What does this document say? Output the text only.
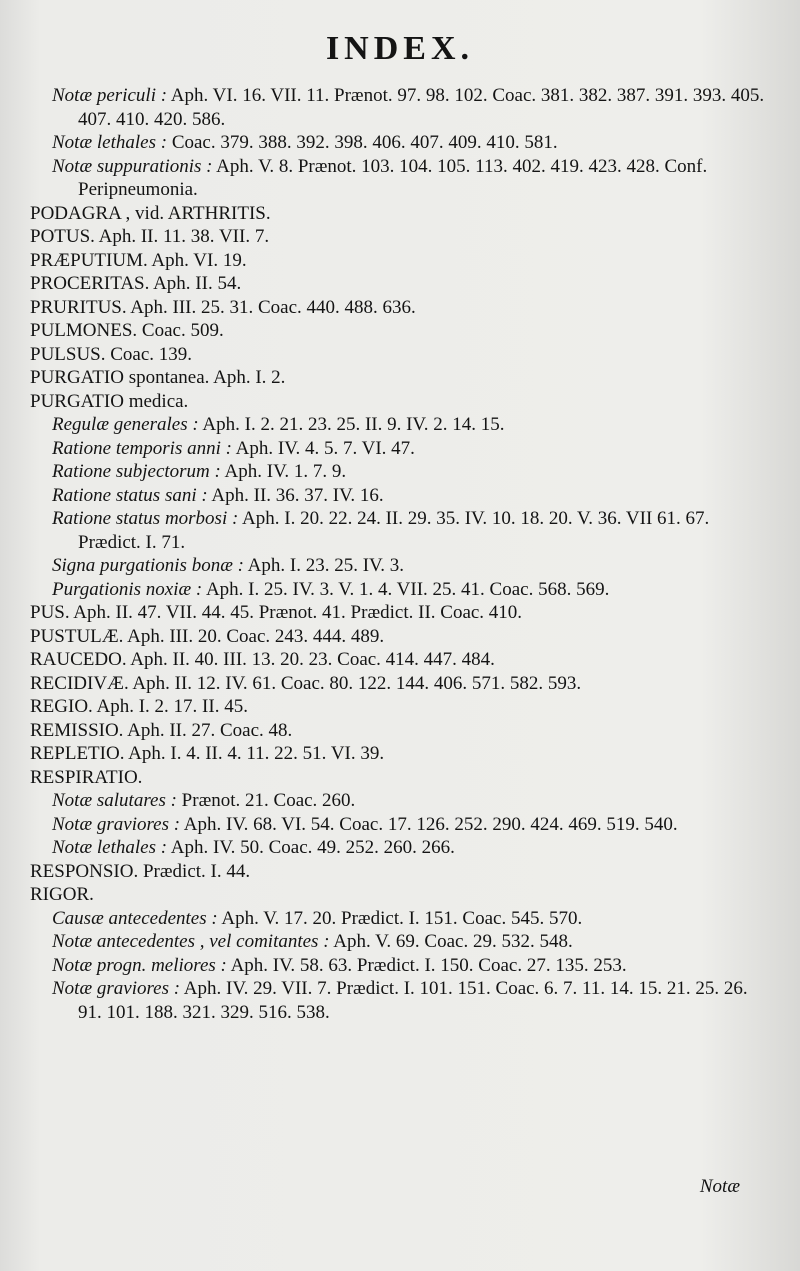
INDEX.

Notæ periculi : Aph. VI. 16. VII. 11. Prænot. 97. 98. 102. Coac. 381. 382. 387. 391. 393. 405. 407. 410. 420. 586.

Notæ lethales : Coac. 379. 388. 392. 398. 406. 407. 409. 410. 581.

Notæ suppurationis : Aph. V. 8. Prænot. 103. 104. 105. 113. 402. 419. 423. 428. Conf. Peripneumonia.

PODAGRA , vid. ARTHRITIS.

POTUS. Aph. II. 11. 38. VII. 7.

PRÆPUTIUM. Aph. VI. 19.

PROCERITAS. Aph. II. 54.

PRURITUS. Aph. III. 25. 31. Coac. 440. 488. 636.

PULMONES. Coac. 509.

PULSUS. Coac. 139.

PURGATIO spontanea. Aph. I. 2.

PURGATIO medica.

Regulæ generales : Aph. I. 2. 21. 23. 25. II. 9. IV. 2. 14. 15.

Ratione temporis anni : Aph. IV. 4. 5. 7. VI. 47.

Ratione subjectorum : Aph. IV. 1. 7. 9.

Ratione status sani : Aph. II. 36. 37. IV. 16.

Ratione status morbosi : Aph. I. 20. 22. 24. II. 29. 35. IV. 10. 18. 20. V. 36. VII 61. 67. Prædict. I. 71.

Signa purgationis bonæ : Aph. I. 23. 25. IV. 3.

Purgationis noxiæ : Aph. I. 25. IV. 3. V. 1. 4. VII. 25. 41. Coac. 568. 569.

PUS. Aph. II. 47. VII. 44. 45. Prænot. 41. Prædict. II. Coac. 410.

PUSTULÆ. Aph. III. 20. Coac. 243. 444. 489.

RAUCEDO. Aph. II. 40. III. 13. 20. 23. Coac. 414. 447. 484.

RECIDIVÆ. Aph. II. 12. IV. 61. Coac. 80. 122. 144. 406. 571. 582. 593.

REGIO. Aph. I. 2. 17. II. 45.

REMISSIO. Aph. II. 27. Coac. 48.

REPLETIO. Aph. I. 4. II. 4. 11. 22. 51. VI. 39.

RESPIRATIO.

Notæ salutares : Prænot. 21. Coac. 260.

Notæ graviores : Aph. IV. 68. VI. 54. Coac. 17. 126. 252. 290. 424. 469. 519. 540.

Notæ lethales : Aph. IV. 50. Coac. 49. 252. 260. 266.

RESPONSIO. Prædict. I. 44.

RIGOR.

Causæ antecedentes : Aph. V. 17. 20. Prædict. I. 151. Coac. 545. 570.

Notæ antecedentes , vel comitantes : Aph. V. 69. Coac. 29. 532. 548.

Notæ progn. meliores : Aph. IV. 58. 63. Prædict. I. 150. Coac. 27. 135. 253.

Notæ graviores : Aph. IV. 29. VII. 7. Prædict. I. 101. 151. Coac. 6. 7. 11. 14. 15. 21. 25. 26. 91. 101. 188. 321. 329. 516. 538.

Notæ
